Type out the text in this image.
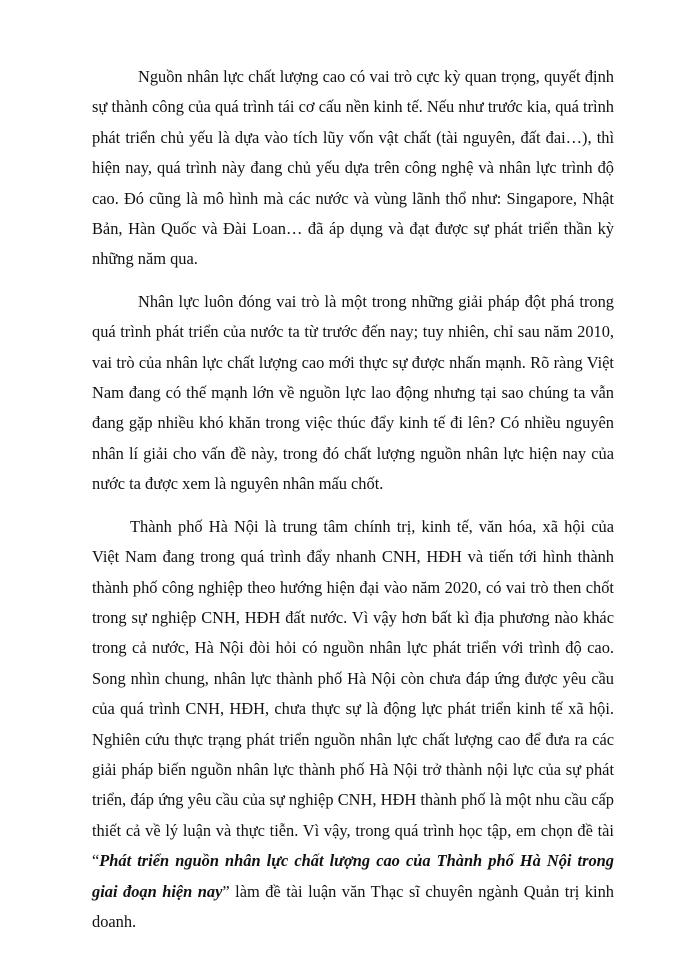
Nguồn nhân lực chất lượng cao có vai trò cực kỳ quan trọng, quyết định sự thành công của quá trình tái cơ cấu nền kinh tế. Nếu như trước kia, quá trình phát triển chủ yếu là dựa vào tích lũy vốn vật chất (tài nguyên, đất đai…), thì hiện nay, quá trình này đang chủ yếu dựa trên công nghệ và nhân lực trình độ cao. Đó cũng là mô hình mà các nước và vùng lãnh thổ như: Singapore, Nhật Bản, Hàn Quốc và Đài Loan… đã áp dụng và đạt được sự phát triển thần kỳ những năm qua.

Nhân lực luôn đóng vai trò là một trong những giải pháp đột phá trong quá trình phát triển của nước ta từ trước đến nay; tuy nhiên, chỉ sau năm 2010, vai trò của nhân lực chất lượng cao mới thực sự được nhấn mạnh. Rõ ràng Việt Nam đang có thế mạnh lớn về nguồn lực lao động nhưng tại sao chúng ta vẫn đang gặp nhiều khó khăn trong việc thúc đẩy kinh tế đi lên? Có nhiều nguyên nhân lí giải cho vấn đề này, trong đó chất lượng nguồn nhân lực hiện nay của nước ta được xem là nguyên nhân mấu chốt.

Thành phố Hà Nội là trung tâm chính trị, kinh tế, văn hóa, xã hội của Việt Nam đang trong quá trình đẩy nhanh CNH, HĐH và tiến tới hình thành thành phố công nghiệp theo hướng hiện đại vào năm 2020, có vai trò then chốt trong sự nghiệp CNH, HĐH đất nước. Vì vậy hơn bất kì địa phương nào khác trong cả nước, Hà Nội đòi hỏi có nguồn nhân lực phát triển với trình độ cao. Song nhìn chung, nhân lực thành phố Hà Nội còn chưa đáp ứng được yêu cầu của quá trình CNH, HĐH, chưa thực sự là động lực phát triển kinh tế xã hội. Nghiên cứu thực trạng phát triển nguồn nhân lực chất lượng cao để đưa ra các giải pháp biến nguồn nhân lực thành phố Hà Nội trở thành nội lực của sự phát triển, đáp ứng yêu cầu của sự nghiệp CNH, HĐH thành phố là một nhu cầu cấp thiết cả về lý luận và thực tiễn. Vì vậy, trong quá trình học tập, em chọn đề tài “Phát triển nguồn nhân lực chất lượng cao của Thành phố Hà Nội trong giai đoạn hiện nay” làm đề tài luận văn Thạc sĩ chuyên ngành Quản trị kinh doanh.
